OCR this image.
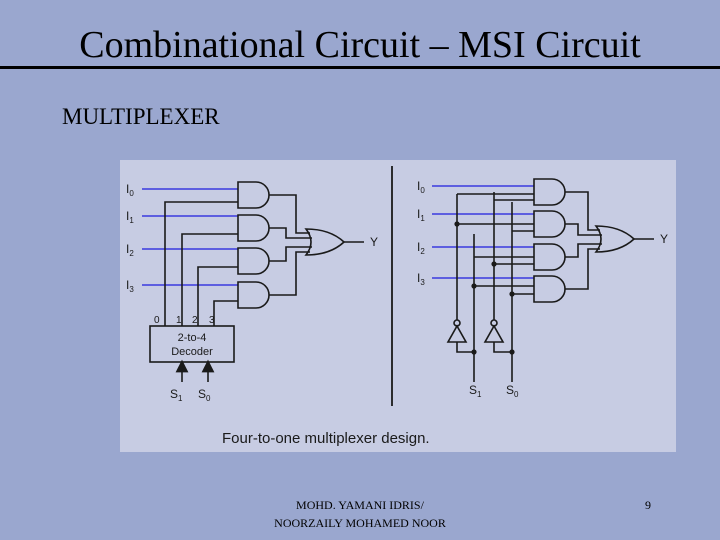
Combinational Circuit – MSI Circuit
MULTIPLEXER
$I_0$
$I_1$
$I_2$
$I_3$
0 1 2 3
2-to-4
Decoder
$S_1$ $S_0$
Y
$I_0$
$I_1$
$I_2$
$I_3$
$S_1$ $S_0$
Y
Four-to-one multiplexer design.
MOHD. YAMANI IDRIS/
NOORZAILY MOHAMED NOOR
9
